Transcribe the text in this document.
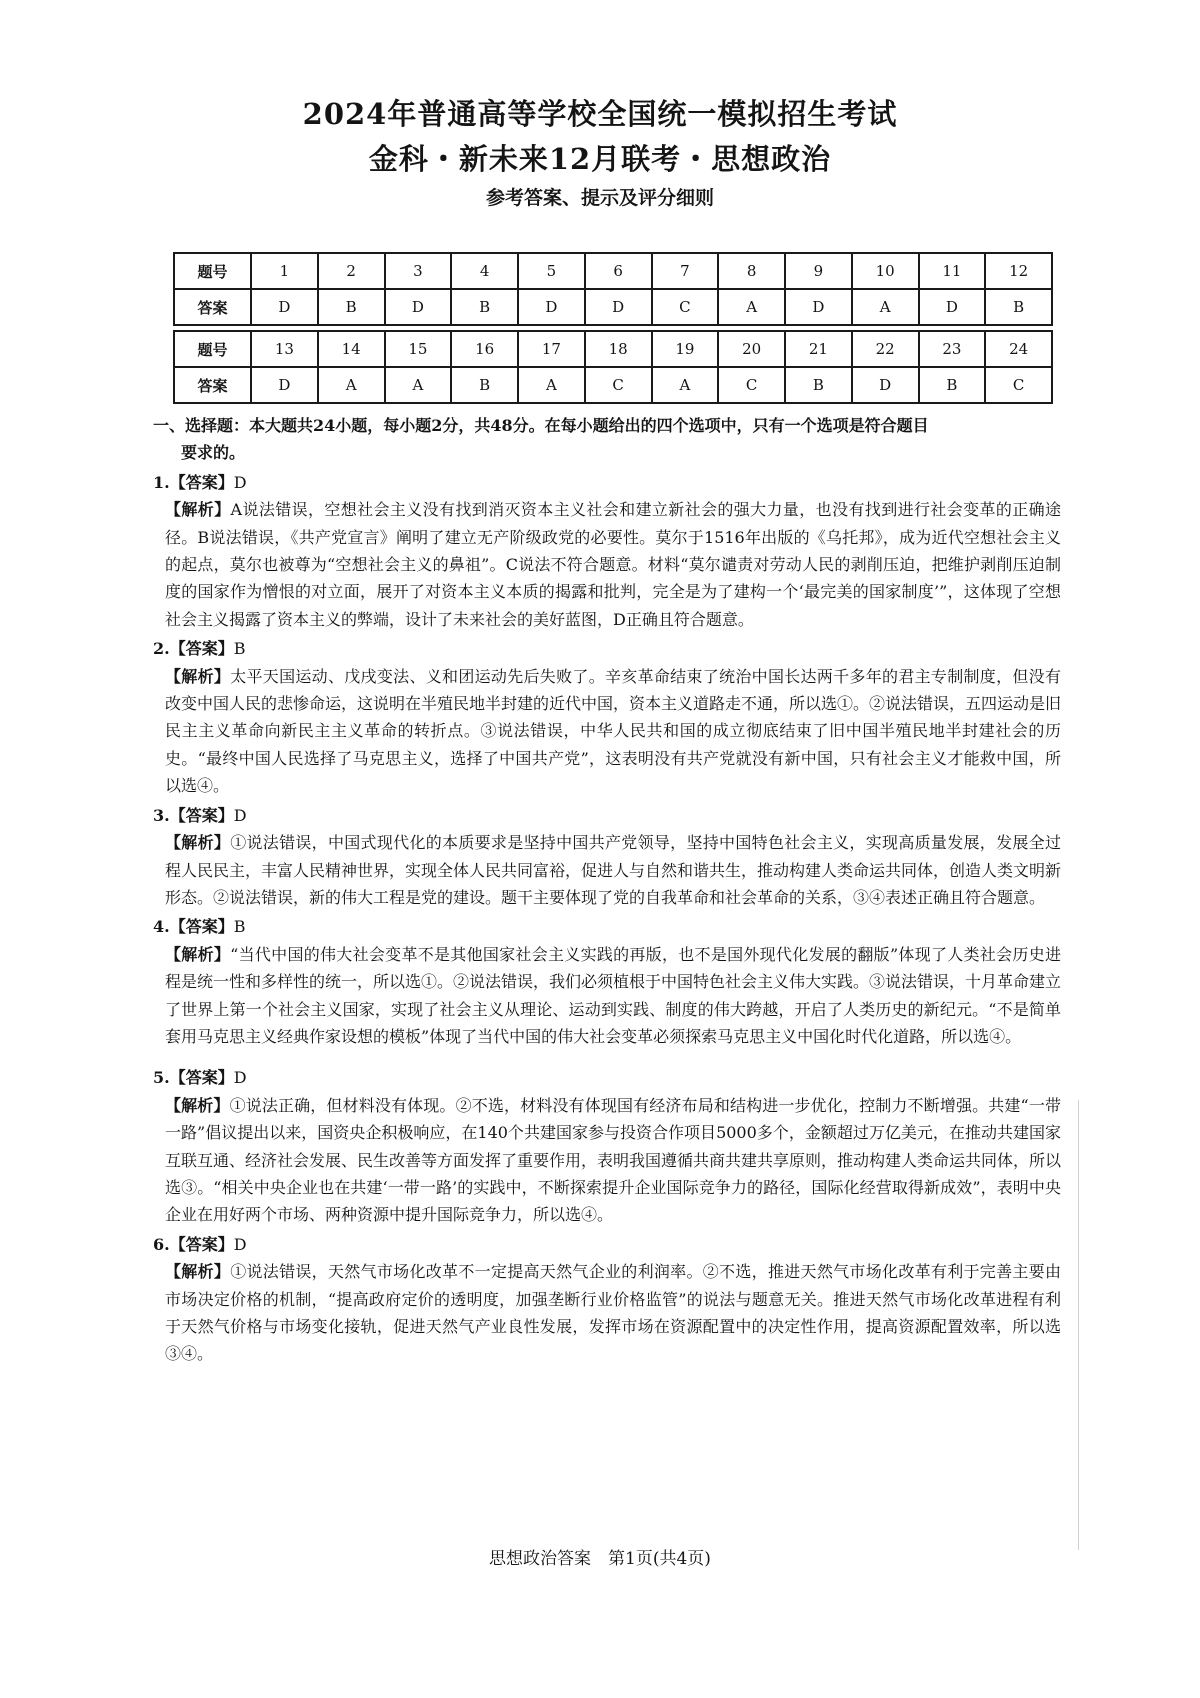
2024年普通高等学校全国统一模拟招生考试
金科・新未来12月联考・思想政治
参考答案、提示及评分细则
题号	1	2	3	4	5	6	7	8	9	10	11	12
答案	D	B	D	B	D	D	C	A	D	A	D	B

题号	13	14	15	16	17	18	19	20	21	22	23	24
答案	D	A	A	B	A	C	A	C	B	D	B	C
一、选择题：本大题共24小题，每小题2分，共48分。在每小题给出的四个选项中，只有一个选项是符合题目
要求的。
1.【答案】D
【解析】A说法错误，空想社会主义没有找到消灭资本主义社会和建立新社会的强大力量，也没有找到进行社会变革的正确途径。B说法错误，《共产党宣言》阐明了建立无产阶级政党的必要性。莫尔于1516年出版的《乌托邦》，成为近代空想社会主义的起点，莫尔也被尊为“空想社会主义的鼻祖”。C说法不符合题意。材料“莫尔谴责对劳动人民的剥削压迫，把维护剥削压迫制度的国家作为憎恨的对立面，展开了对资本主义本质的揭露和批判，完全是为了建构一个‘最完美的国家制度’”，这体现了空想社会主义揭露了资本主义的弊端，设计了未来社会的美好蓝图，D正确且符合题意。
2.【答案】B
【解析】太平天国运动、戊戌变法、义和团运动先后失败了。辛亥革命结束了统治中国长达两千多年的君主专制制度，但没有改变中国人民的悲惨命运，这说明在半殖民地半封建的近代中国，资本主义道路走不通，所以选①。②说法错误，五四运动是旧民主主义革命向新民主主义革命的转折点。③说法错误，中华人民共和国的成立彻底结束了旧中国半殖民地半封建社会的历史。“最终中国人民选择了马克思主义，选择了中国共产党”，这表明没有共产党就没有新中国，只有社会主义才能救中国，所以选④。
3.【答案】D
【解析】①说法错误，中国式现代化的本质要求是坚持中国共产党领导，坚持中国特色社会主义，实现高质量发展，发展全过程人民民主，丰富人民精神世界，实现全体人民共同富裕，促进人与自然和谐共生，推动构建人类命运共同体，创造人类文明新形态。②说法错误，新的伟大工程是党的建设。题干主要体现了党的自我革命和社会革命的关系，③④表述正确且符合题意。
4.【答案】B
【解析】“当代中国的伟大社会变革不是其他国家社会主义实践的再版，也不是国外现代化发展的翻版”体现了人类社会历史进程是统一性和多样性的统一，所以选①。②说法错误，我们必须植根于中国特色社会主义伟大实践。③说法错误，十月革命建立了世界上第一个社会主义国家，实现了社会主义从理论、运动到实践、制度的伟大跨越，开启了人类历史的新纪元。“不是简单套用马克思主义经典作家设想的模板”体现了当代中国的伟大社会变革必须探索马克思主义中国化时代化道路，所以选④。
5.【答案】D
【解析】①说法正确，但材料没有体现。②不选，材料没有体现国有经济布局和结构进一步优化，控制力不断增强。共建“一带一路”倡议提出以来，国资央企积极响应，在140个共建国家参与投资合作项目5000多个，金额超过万亿美元，在推动共建国家互联互通、经济社会发展、民生改善等方面发挥了重要作用，表明我国遵循共商共建共享原则，推动构建人类命运共同体，所以选③。“相关中央企业也在共建‘一带一路’的实践中，不断探索提升企业国际竞争力的路径，国际化经营取得新成效”，表明中央企业在用好两个市场、两种资源中提升国际竞争力，所以选④。
6.【答案】D
【解析】①说法错误，天然气市场化改革不一定提高天然气企业的利润率。②不选，推进天然气市场化改革有利于完善主要由市场决定价格的机制，“提高政府定价的透明度，加强垄断行业价格监管”的说法与题意无关。推进天然气市场化改革进程有利于天然气价格与市场变化接轨，促进天然气产业良性发展，发挥市场在资源配置中的决定性作用，提高资源配置效率，所以选③④。
思想政治答案　第1页(共4页)
